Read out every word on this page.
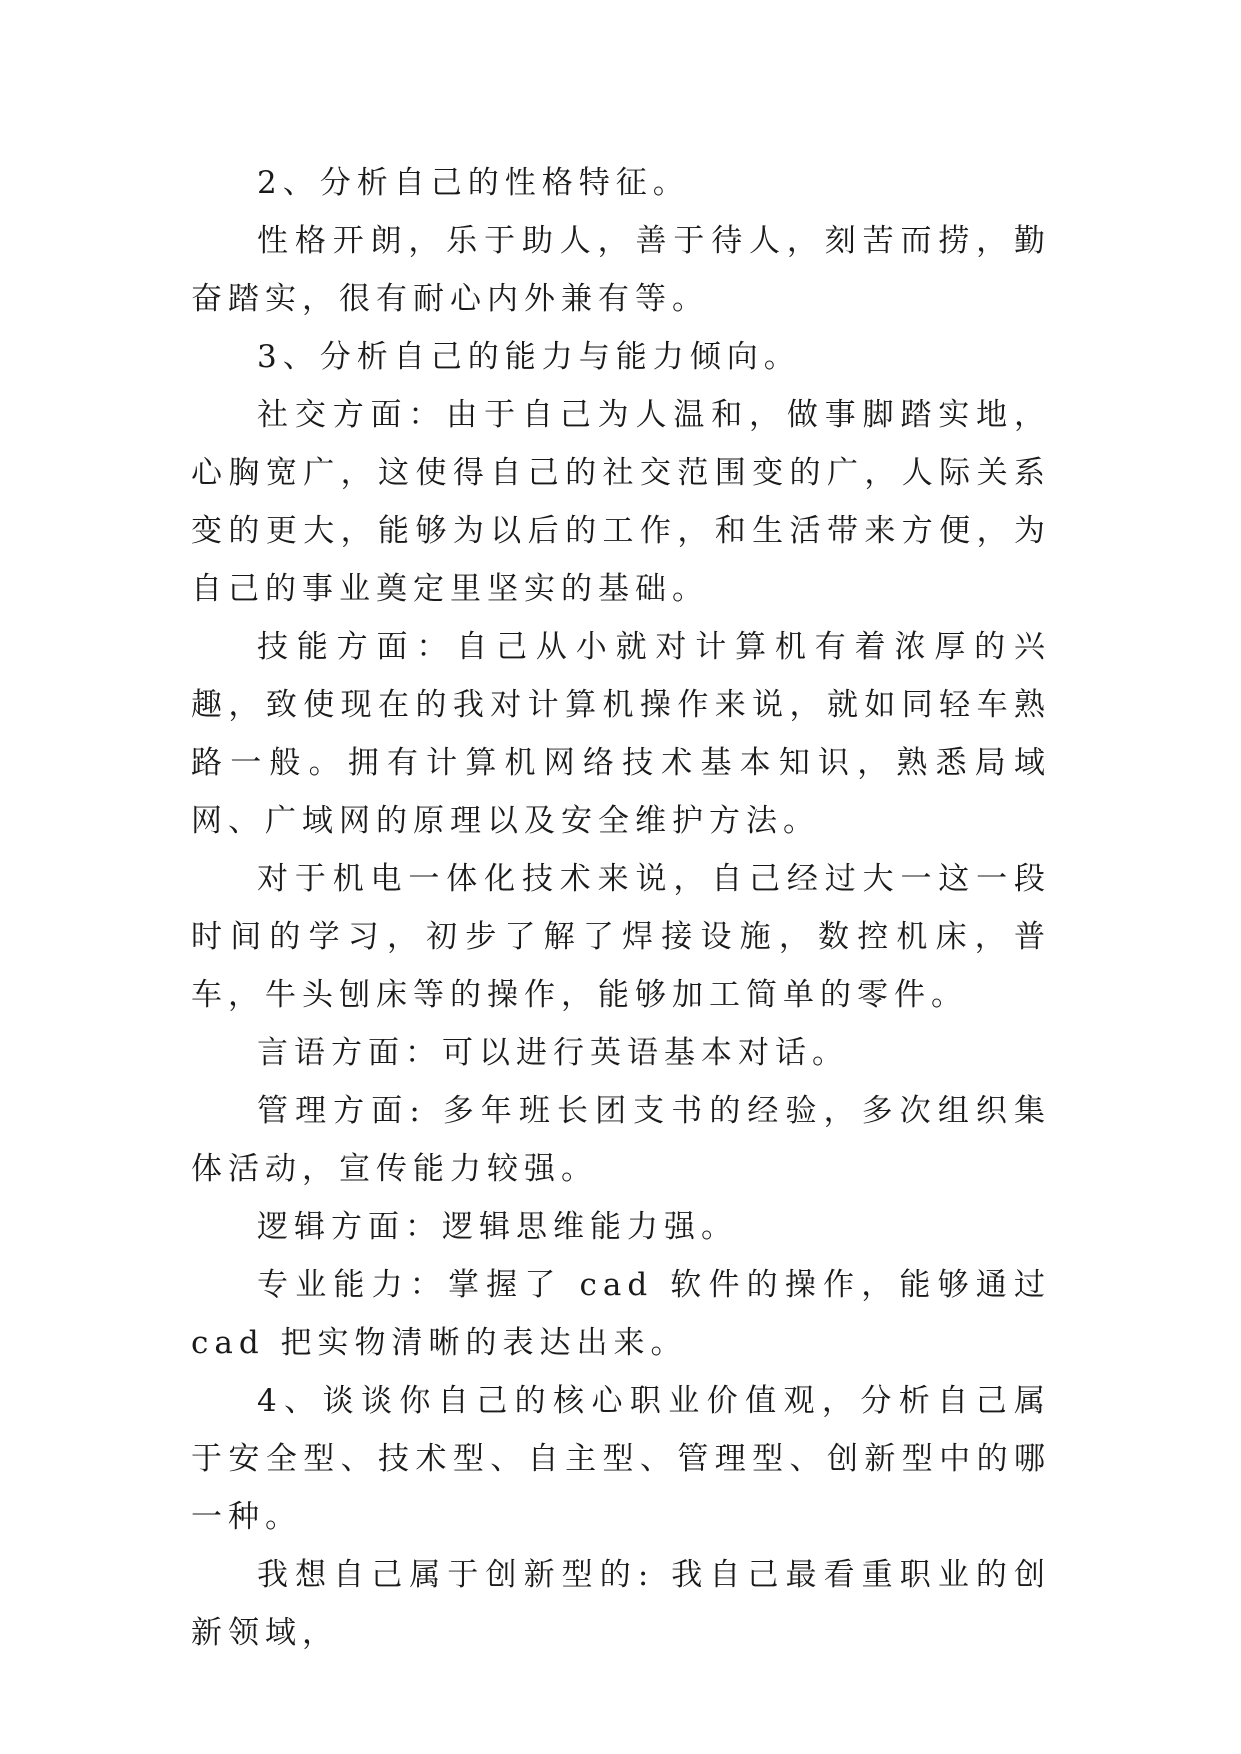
2、分析自己的性格特征。

性格开朗，乐于助人，善于待人，刻苦而捞，勤奋踏实，很有耐心内外兼有等。

3、分析自己的能力与能力倾向。

社交方面：由于自己为人温和，做事脚踏实地，心胸宽广，这使得自己的社交范围变的广，人际关系变的更大，能够为以后的工作，和生活带来方便，为自己的事业奠定里坚实的基础。

技能方面：自己从小就对计算机有着浓厚的兴趣，致使现在的我对计算机操作来说，就如同轻车熟路一般。拥有计算机网络技术基本知识，熟悉局域网、广域网的原理以及安全维护方法。

对于机电一体化技术来说，自己经过大一这一段时间的学习，初步了解了焊接设施，数控机床，普车，牛头刨床等的操作，能够加工简单的零件。

言语方面：可以进行英语基本对话。

管理方面: 多年班长团支书的经验，多次组织集体活动，宣传能力较强。

逻辑方面：逻辑思维能力强。

专业能力：掌握了 cad 软件的操作，能够通过 cad 把实物清晰的表达出来。

4、谈谈你自己的核心职业价值观，分析自己属于安全型、技术型、自主型、管理型、创新型中的哪一种。

我想自己属于创新型的: 我自己最看重职业的创新领域，
